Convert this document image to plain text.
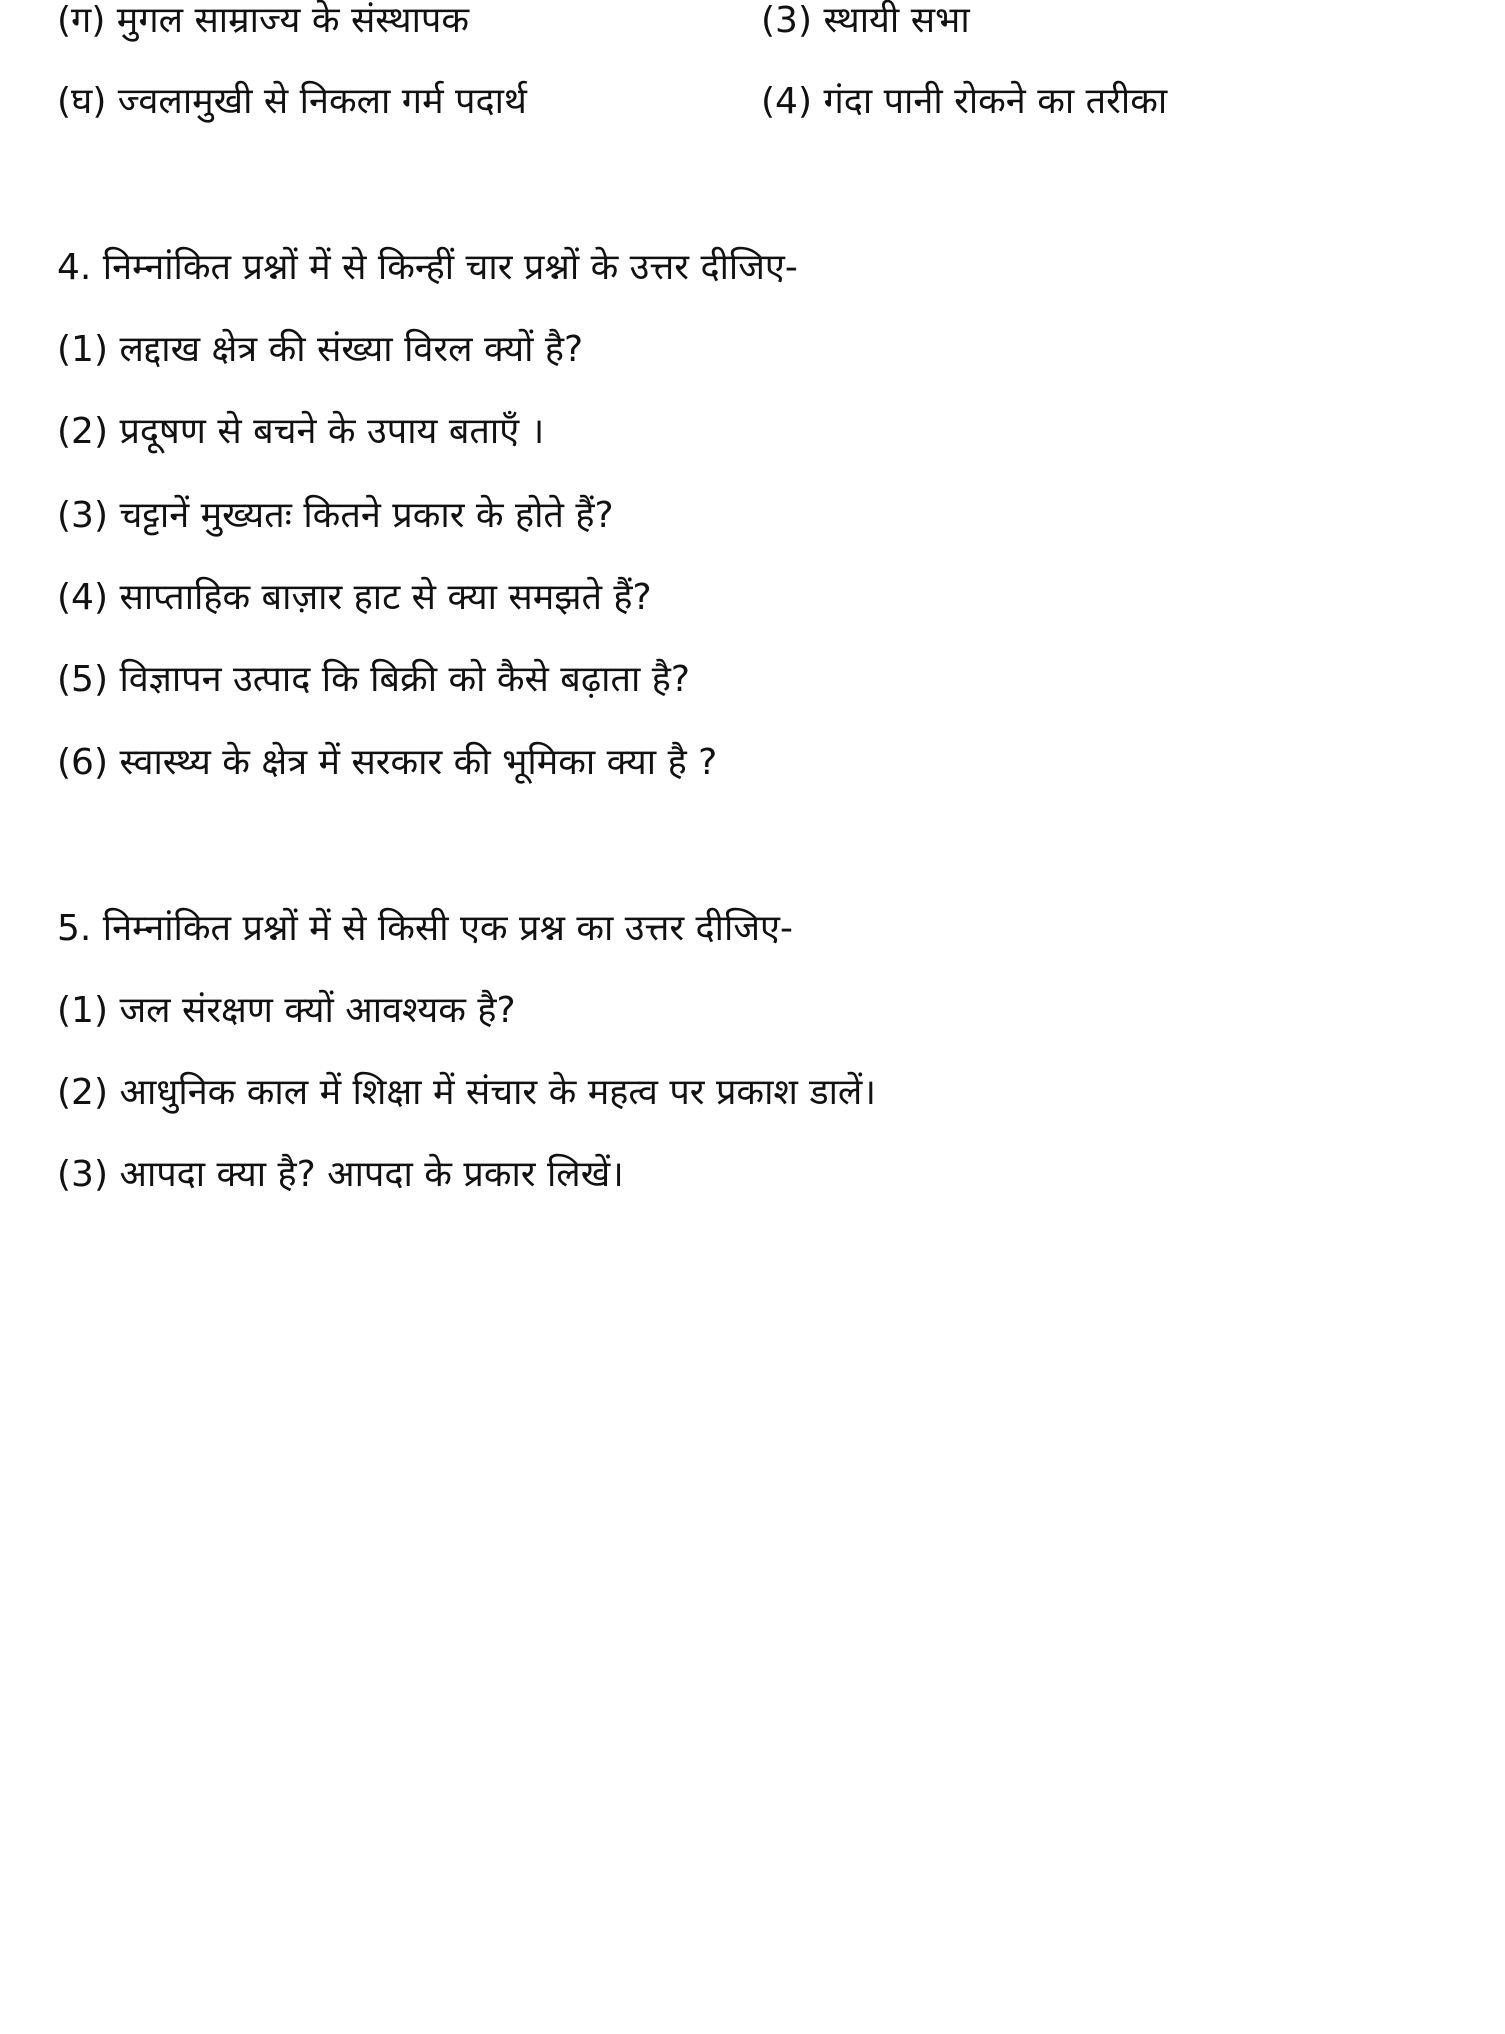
(ग) मुगल साम्राज्य के संस्थापक	(3) स्थायी सभा
(घ) ज्वलामुखी से निकला गर्म पदार्थ	(4) गंदा पानी रोकने का तरीका
4. निम्नांकित प्रश्नों में से किन्हीं चार प्रश्नों के उत्तर दीजिए-
(1) लद्दाख क्षेत्र की संख्या विरल क्यों है?
(2) प्रदूषण से बचने के उपाय बताएँ ।
(3) चट्टानें मुख्यतः कितने प्रकार के होते हैं?
(4) साप्ताहिक बाज़ार हाट से क्या समझते हैं?
(5) विज्ञापन उत्पाद कि बिक्री को कैसे बढ़ाता है?
(6) स्वास्थ्य के क्षेत्र में सरकार की भूमिका क्या है ?
5. निम्नांकित प्रश्नों में से किसी एक प्रश्न का उत्तर दीजिए-
(1) जल संरक्षण क्यों आवश्यक है?
(2) आधुनिक काल में शिक्षा में संचार के महत्व पर प्रकाश डालें।
(3) आपदा क्या है? आपदा के प्रकार लिखें।
